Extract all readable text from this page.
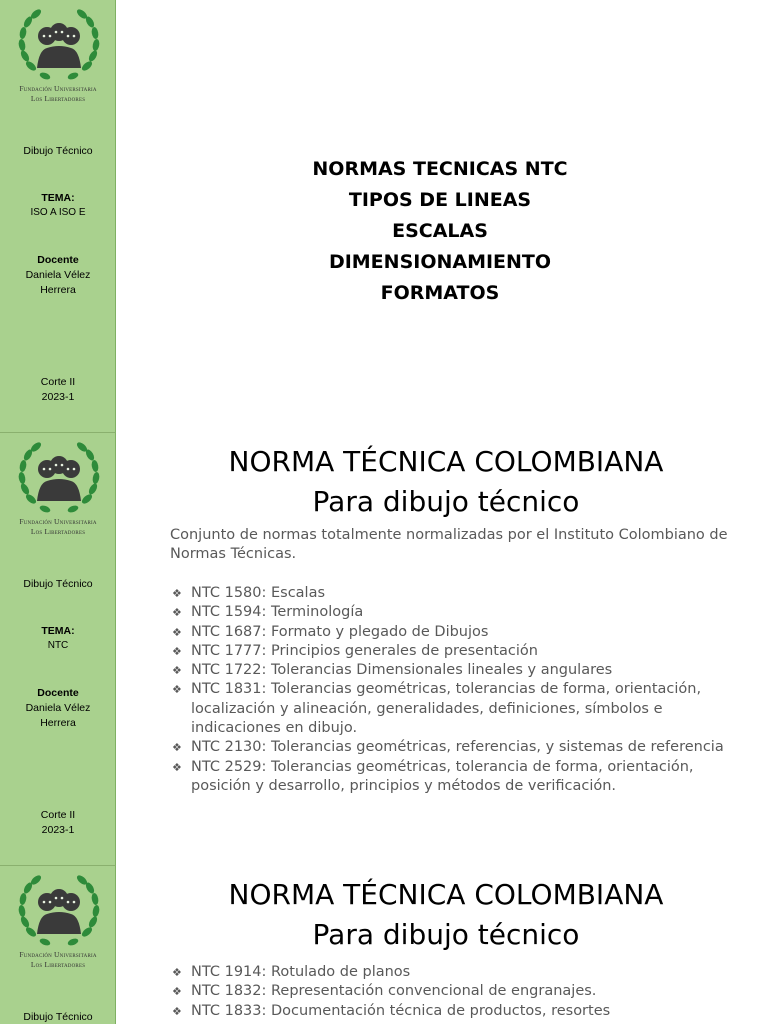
Fundación Universitaria
Los Libertadores
Dibujo Técnico
TEMA:
ISO A ISO E
Docente
Daniela Vélez
Herrera
Corte II
2023-1
NORMAS TECNICAS NTC
TIPOS DE LINEAS
ESCALAS
DIMENSIONAMIENTO
FORMATOS
Fundación Universitaria
Los Libertadores
Dibujo Técnico
TEMA:
NTC
Docente
Daniela Vélez
Herrera
Corte II
2023-1
NORMA TÉCNICA COLOMBIANA
Para dibujo técnico
Conjunto de normas totalmente normalizadas por el Instituto Colombiano de Normas Técnicas.
❖ NTC 1580: Escalas
❖ NTC 1594: Terminología
❖ NTC 1687: Formato y plegado de Dibujos
❖ NTC 1777: Principios generales de presentación
❖ NTC 1722: Tolerancias Dimensionales lineales y angulares
❖ NTC 1831: Tolerancias geométricas, tolerancias de forma, orientación, localización y alineación, generalidades, definiciones, símbolos e indicaciones en dibujo.
❖ NTC 2130: Tolerancias geométricas, referencias, y sistemas de referencia
❖ NTC 2529: Tolerancias geométricas, tolerancia de forma, orientación, posición y desarrollo, principios y métodos de verificación.
Fundación Universitaria
Los Libertadores
Dibujo Técnico
NORMA TÉCNICA COLOMBIANA
Para dibujo técnico
❖ NTC 1914: Rotulado de planos
❖ NTC 1832: Representación convencional de engranajes.
❖ NTC 1833: Documentación técnica de productos, resortes
